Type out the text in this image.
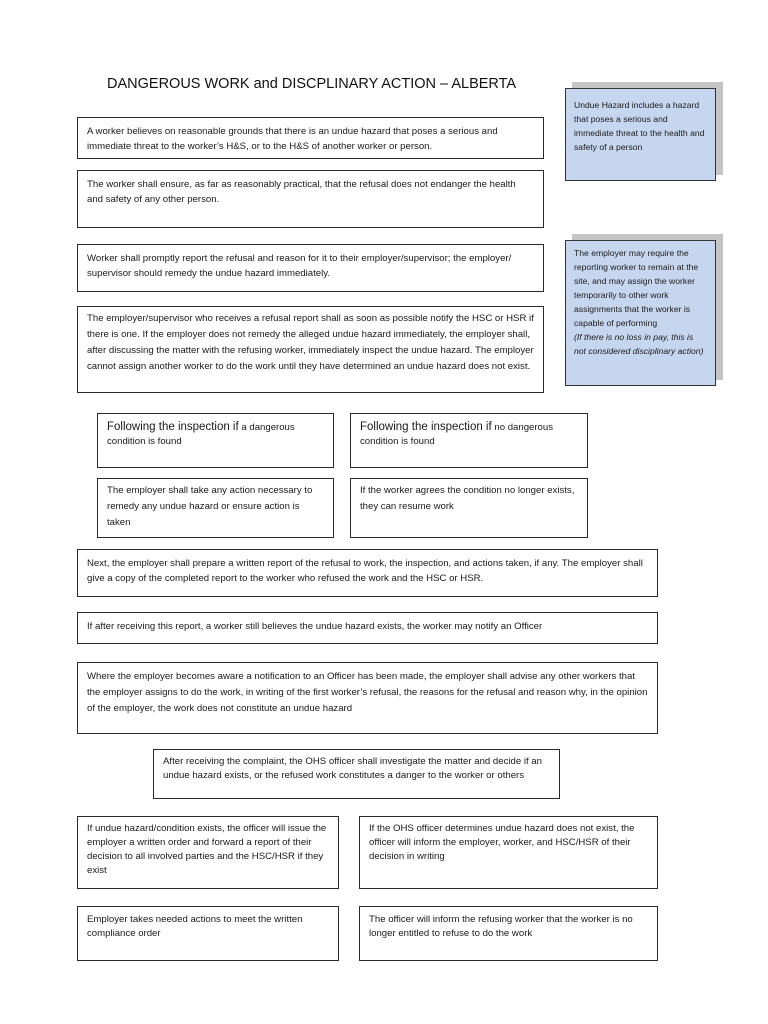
DANGEROUS WORK and DISCPLINARY ACTION – ALBERTA
Undue Hazard includes a hazard that poses a serious and immediate threat to the health and safety of a person
The employer may require the reporting worker to remain at the site, and may assign the worker temporarily to other work assignments that the worker is capable of performing
(If there is no loss in pay, this is not considered disciplinary action)
A worker believes on reasonable grounds that there is an undue hazard that poses a serious and immediate threat to the worker’s H&S, or to the H&S of another worker or person.
The worker shall ensure, as far as reasonably practical, that the refusal does not endanger the health and safety of any other person.
Worker shall promptly report the refusal and reason for it to their employer/supervisor; the employer/ supervisor should remedy the undue hazard immediately.
The employer/supervisor who receives a refusal report shall as soon as possible notify the HSC or HSR if there is one. If the employer does not remedy the alleged undue hazard immediately, the employer shall, after discussing the matter with the refusing worker, immediately inspect the undue hazard. The employer cannot assign another worker to do the work until they have determined an undue hazard does not exist.
Following the inspection if a dangerous condition is found
Following the inspection if no dangerous condition is found
The employer shall take any action necessary to remedy any undue hazard or ensure action is taken
If the worker agrees the condition no longer exists, they can resume work
Next, the employer shall prepare a written report of the refusal to work, the inspection, and actions taken, if any. The employer shall give a copy of the completed report to the worker who refused the work and the HSC or HSR.
If after receiving this report, a worker still believes the undue hazard exists, the worker may notify an Officer
Where the employer becomes aware a notification to an Officer has been made, the employer shall advise any other workers that the employer assigns to do the work, in writing of the first worker’s refusal, the reasons for the refusal and reason why, in the opinion of the employer, the work does not constitute an undue hazard
After receiving the complaint, the OHS officer shall investigate the matter and decide if an undue hazard exists, or the refused work constitutes a danger to the worker or others
If undue hazard/condition exists, the officer will issue the employer a written order and forward a report of their decision to all involved parties and the HSC/HSR if they exist
If the OHS officer determines undue hazard does not exist, the officer will inform the employer, worker, and HSC/HSR of their decision in writing
Employer takes needed actions to meet the written compliance order
The officer will inform the refusing worker that the worker is no longer entitled to refuse to do the work
